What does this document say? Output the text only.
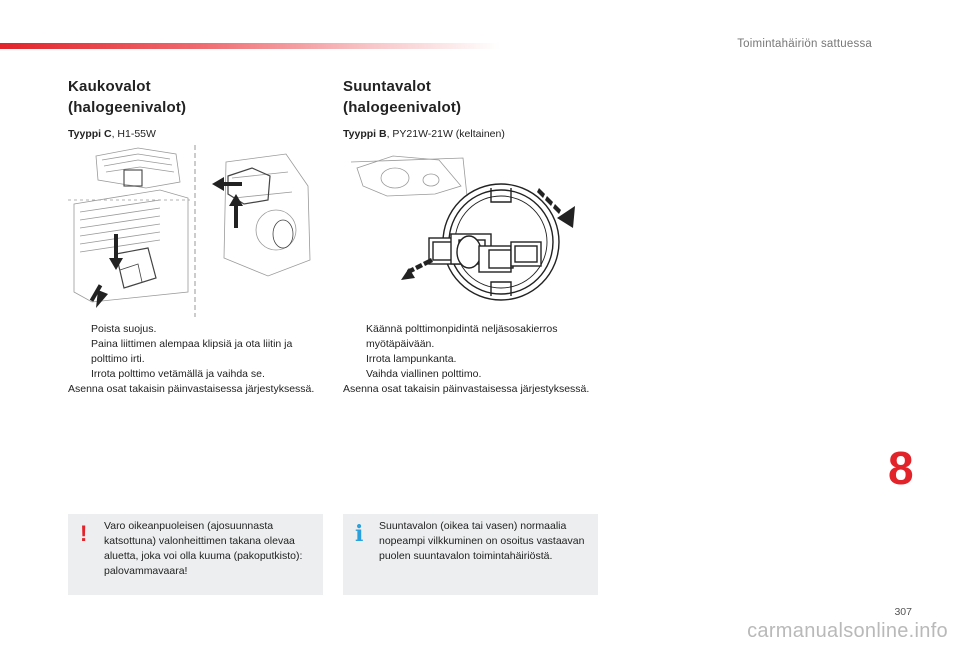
Toimintahäiriön sattuessa
Kaukovalot
(halogeenivalot)
Tyyppi C, H1-55W
Poista suojus.
Paina liittimen alempaa klipsiä ja ota liitin ja polttimo irti.
Irrota polttimo vetämällä ja vaihda se.
Asenna osat takaisin päinvastaisessa järjestyksessä.
Suuntavalot
(halogeenivalot)
Tyyppi B, PY21W-21W (keltainen)
Käännä polttimonpidintä neljäsosakierros myötäpäivään.
Irrota lampunkanta.
Vaihda viallinen polttimo.
Asenna osat takaisin päinvastaisessa järjestyksessä.
! Varo oikeanpuoleisen (ajosuunnasta katsottuna) valonheittimen takana olevaa aluetta, joka voi olla kuuma (pakoputkisto): palovammavaara!
i Suuntavalon (oikea tai vasen) normaalia nopeampi vilkkuminen on osoitus vastaavan puolen suuntavalon toimintahäiriöstä.
8
307
carmanualsonline.info
